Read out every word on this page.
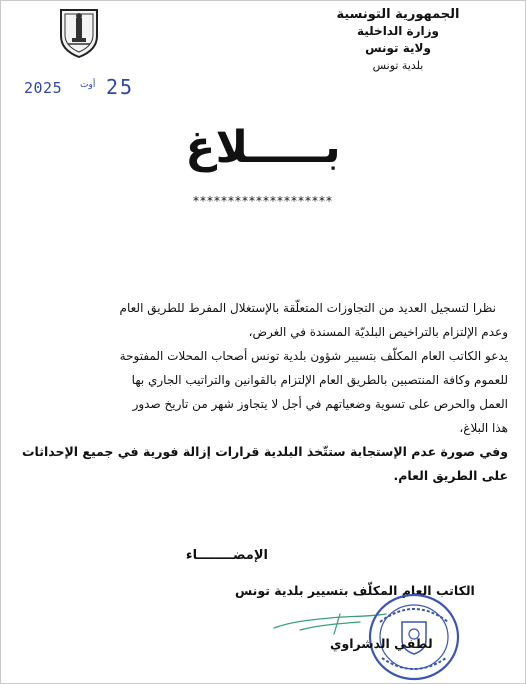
الجمهورية التونسية
وزارة الداخلية
ولاية تونس
بلدية تونس
2025 أوت 25
بـــــلاغ
********************

نظرا لتسجيل العديد من التجاوزات المتعلّقة بالإستغلال المفرط للطريق العام

وعدم الإلتزام بالتراخيص البلديّة المسندة في الغرض،

يدعو الكاتب العام المكلّف بتسيير شؤون بلدية تونس أصحاب المحلات المفتوحة

للعموم وكافة المنتصبين بالطريق العام الإلتزام بالقوانين والتراتيب الجاري بها

العمل والحرص على تسوية وضعياتهم في أجل لا يتجاوز شهر من تاريخ صدور

هذا البلاغ،

وفي صورة عدم الإستجابة ستتّخذ البلدية قرارات إزالة فورية في جميع الإحداثات

على الطريق العام.

الإمضــــــــاء
الكاتب العام المكلّف بتسيير بلدية تونس
لطفي الدشراوي
